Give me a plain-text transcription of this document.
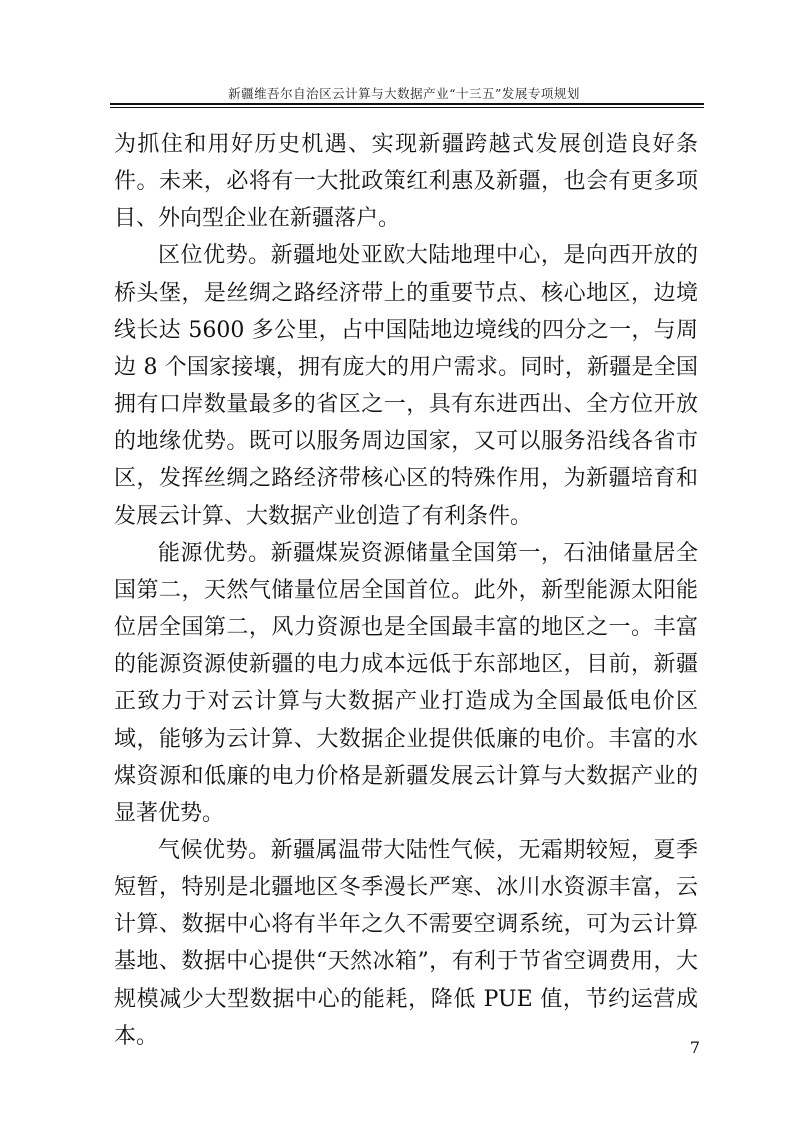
新疆维吾尔自治区云计算与大数据产业“十三五”发展专项规划

为抓住和用好历史机遇、实现新疆跨越式发展创造良好条件。未来，必将有一大批政策红利惠及新疆，也会有更多项目、外向型企业在新疆落户。

区位优势。新疆地处亚欧大陆地理中心，是向西开放的桥头堡，是丝绸之路经济带上的重要节点、核心地区，边境线长达 5600 多公里，占中国陆地边境线的四分之一，与周边 8 个国家接壤，拥有庞大的用户需求。同时，新疆是全国拥有口岸数量最多的省区之一，具有东进西出、全方位开放的地缘优势。既可以服务周边国家，又可以服务沿线各省市区，发挥丝绸之路经济带核心区的特殊作用，为新疆培育和发展云计算、大数据产业创造了有利条件。

能源优势。新疆煤炭资源储量全国第一，石油储量居全国第二，天然气储量位居全国首位。此外，新型能源太阳能位居全国第二，风力资源也是全国最丰富的地区之一。丰富的能源资源使新疆的电力成本远低于东部地区，目前，新疆正致力于对云计算与大数据产业打造成为全国最低电价区域，能够为云计算、大数据企业提供低廉的电价。丰富的水煤资源和低廉的电力价格是新疆发展云计算与大数据产业的显著优势。

气候优势。新疆属温带大陆性气候，无霜期较短，夏季短暂，特别是北疆地区冬季漫长严寒、冰川水资源丰富，云计算、数据中心将有半年之久不需要空调系统，可为云计算基地、数据中心提供“天然冰箱”，有利于节省空调费用，大规模减少大型数据中心的能耗，降低 PUE 值，节约运营成本。	7
